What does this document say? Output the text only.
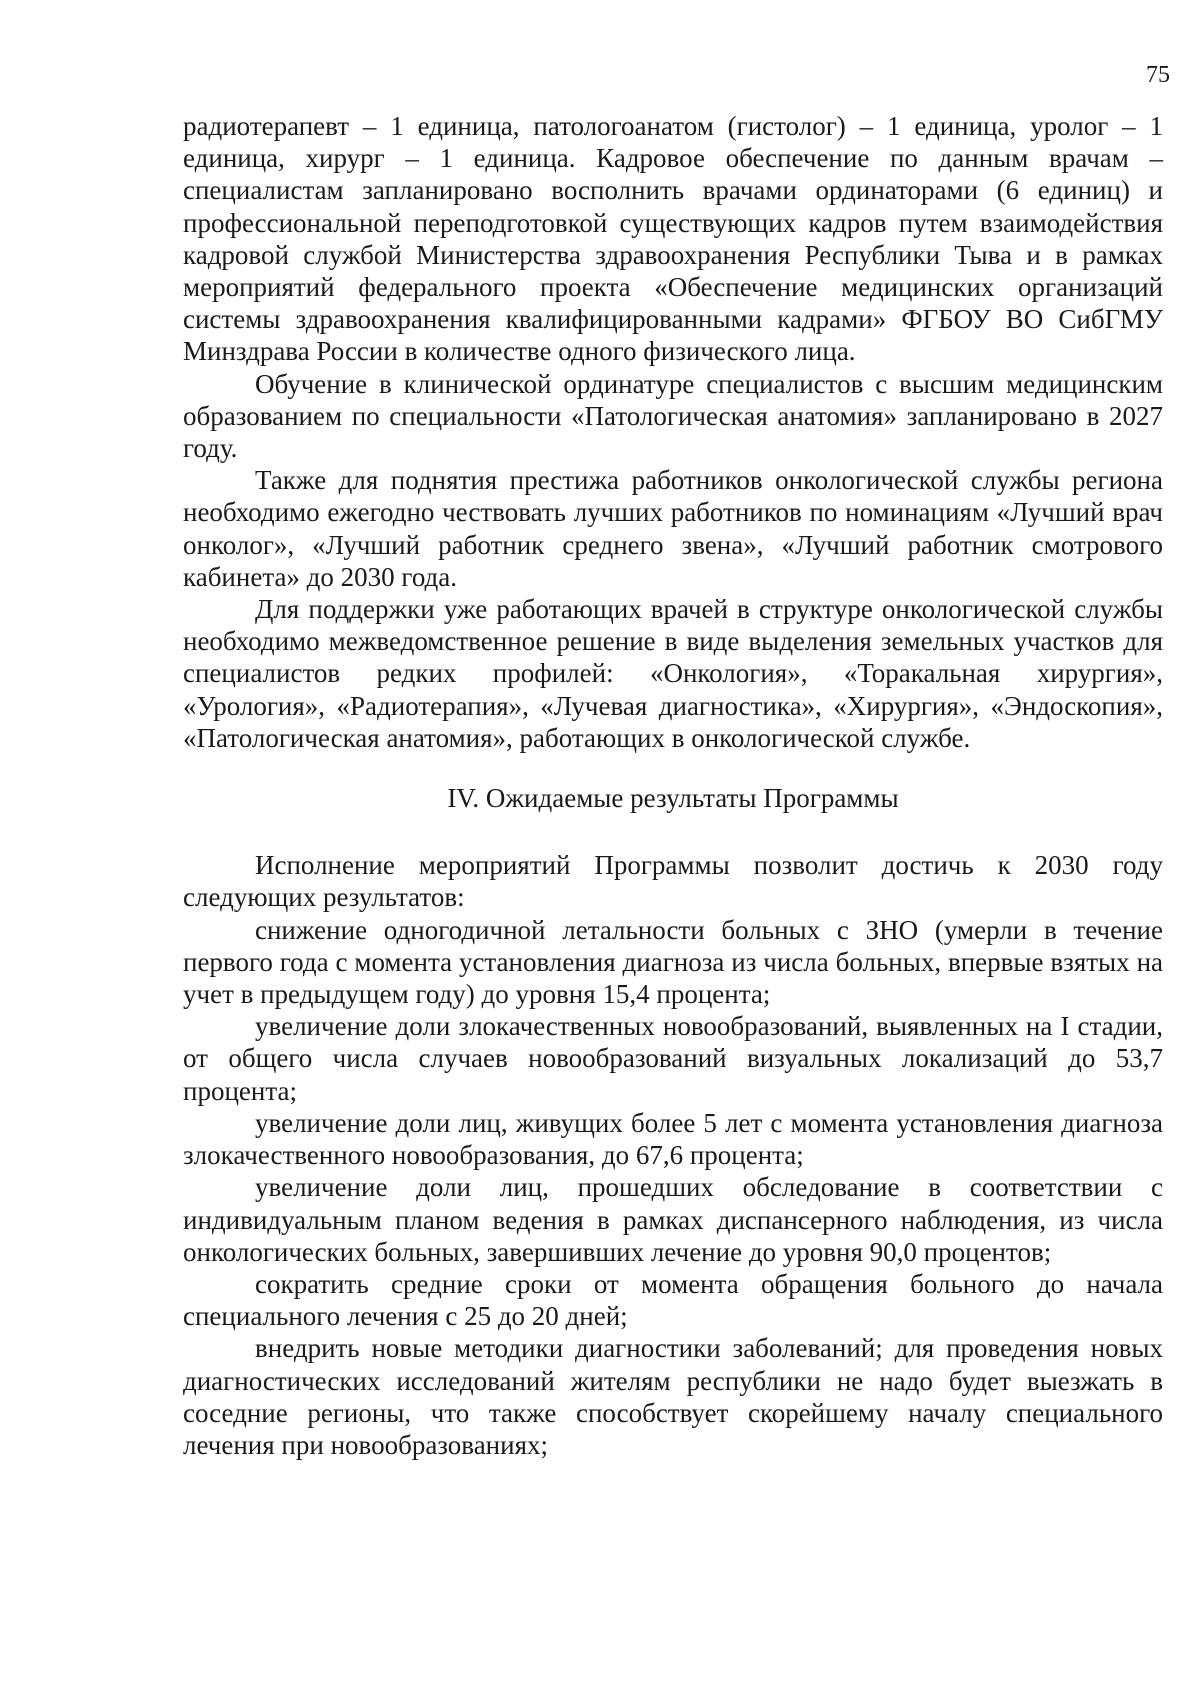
75

радиотерапевт – 1 единица, патологоанатом (гистолог) – 1 единица, уролог – 1 единица, хирург – 1 единица. Кадровое обеспечение по данным врачам – специалистам запланировано восполнить врачами ординаторами (6 единиц) и профессиональной переподготовкой существующих кадров путем взаимодействия кадровой службой Министерства здравоохранения Республики Тыва и в рамках мероприятий федерального проекта «Обеспечение медицинских организаций системы здравоохранения квалифицированными кадрами» ФГБОУ ВО СибГМУ Минздрава России в количестве одного физического лица.

Обучение в клинической ординатуре специалистов с высшим медицинским образованием по специальности «Патологическая анатомия» запланировано в 2027 году.

Также для поднятия престижа работников онкологической службы региона необходимо ежегодно чествовать лучших работников по номинациям «Лучший врач онколог», «Лучший работник среднего звена», «Лучший работник смотрового кабинета» до 2030 года.

Для поддержки уже работающих врачей в структуре онкологической службы необходимо межведомственное решение в виде выделения земельных участков для специалистов редких профилей: «Онкология», «Торакальная хирургия», «Урология», «Радиотерапия», «Лучевая диагностика», «Хирургия», «Эндоскопия», «Патологическая анатомия», работающих в онкологической службе.

IV. Ожидаемые результаты Программы

Исполнение мероприятий Программы позволит достичь к 2030 году следующих результатов:

снижение одногодичной летальности больных с ЗНО (умерли в течение первого года с момента установления диагноза из числа больных, впервые взятых на учет в предыдущем году) до уровня 15,4 процента;

увеличение доли злокачественных новообразований, выявленных на I стадии, от общего числа случаев новообразований визуальных локализаций до 53,7 процента;

увеличение доли лиц, живущих более 5 лет с момента установления диагноза злокачественного новообразования, до 67,6 процента;

увеличение доли лиц, прошедших обследование в соответствии с индивидуальным планом ведения в рамках диспансерного наблюдения, из числа онкологических больных, завершивших лечение до уровня 90,0 процентов;

сократить средние сроки от момента обращения больного до начала специального лечения с 25 до 20 дней;

внедрить новые методики диагностики заболеваний; для проведения новых диагностических исследований жителям республики не надо будет выезжать в соседние регионы, что также способствует скорейшему началу специального лечения при новообразованиях;
